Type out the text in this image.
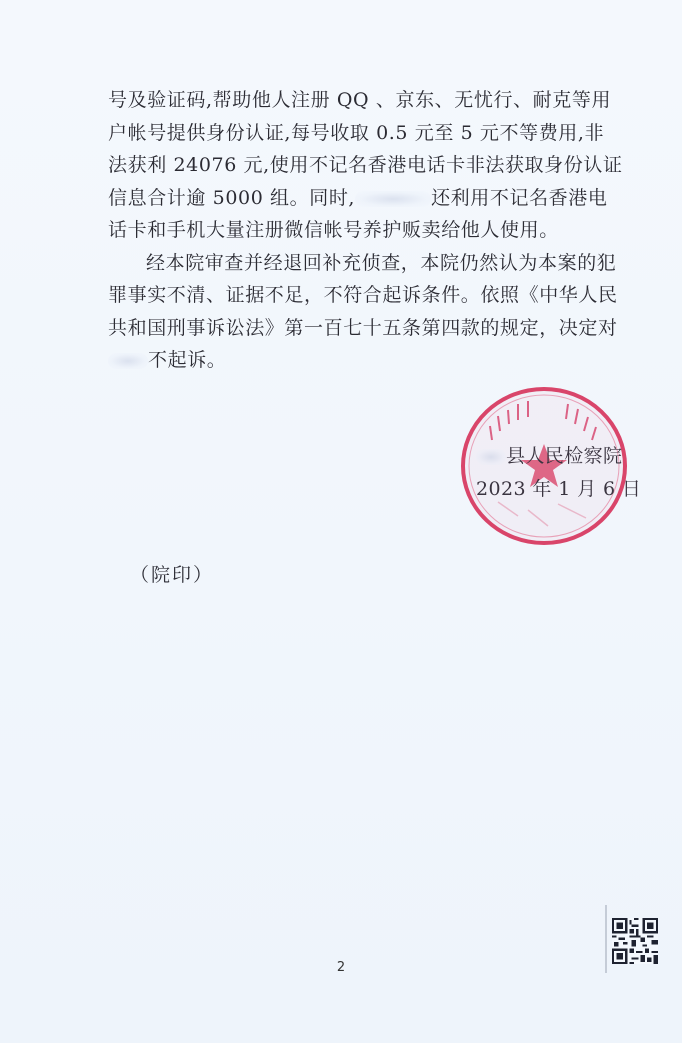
号及验证码,帮助他人注册 QQ 、京东、无忧行、耐克等用
户帐号提供身份认证,每号收取 0.5 元至 5 元不等费用,非
法获利 24076 元,使用不记名香港电话卡非法获取身份认证
信息合计逾 5000 组。同时,	还利用不记名香港电
话卡和手机大量注册微信帐号养护贩卖给他人使用。
经本院审查并经退回补充侦查，本院仍然认为本案的犯
罪事实不清、证据不足，不符合起诉条件。依照《中华人民
共和国刑事诉讼法》第一百七十五条第四款的规定，决定对
不起诉。
县人民检察院
2023 年 1 月 6 日
（院印）
2
